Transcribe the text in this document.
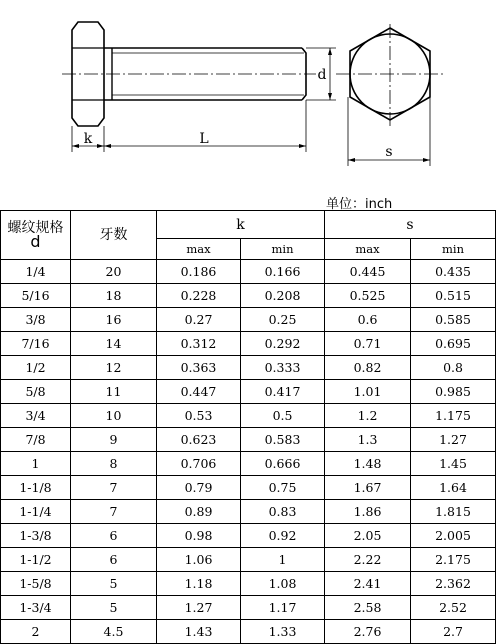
k	L
d
s
单位：inch
螺纹规格
d	牙数	k		s	
		max	min	max	min
1/4	20	0.186	0.166	0.445	0.435
5/16	18	0.228	0.208	0.525	0.515
3/8	16	0.27	0.25	0.6	0.585
7/16	14	0.312	0.292	0.71	0.695
1/2	12	0.363	0.333	0.82	0.8
5/8	11	0.447	0.417	1.01	0.985
3/4	10	0.53	0.5	1.2	1.175
7/8	9	0.623	0.583	1.3	1.27
1	8	0.706	0.666	1.48	1.45
1-1/8	7	0.79	0.75	1.67	1.64
1-1/4	7	0.89	0.83	1.86	1.815
1-3/8	6	0.98	0.92	2.05	2.005
1-1/2	6	1.06	1	2.22	2.175
1-5/8	5	1.18	1.08	2.41	2.362
1-3/4	5	1.27	1.17	2.58	2.52
2	4.5	1.43	1.33	2.76	2.7
